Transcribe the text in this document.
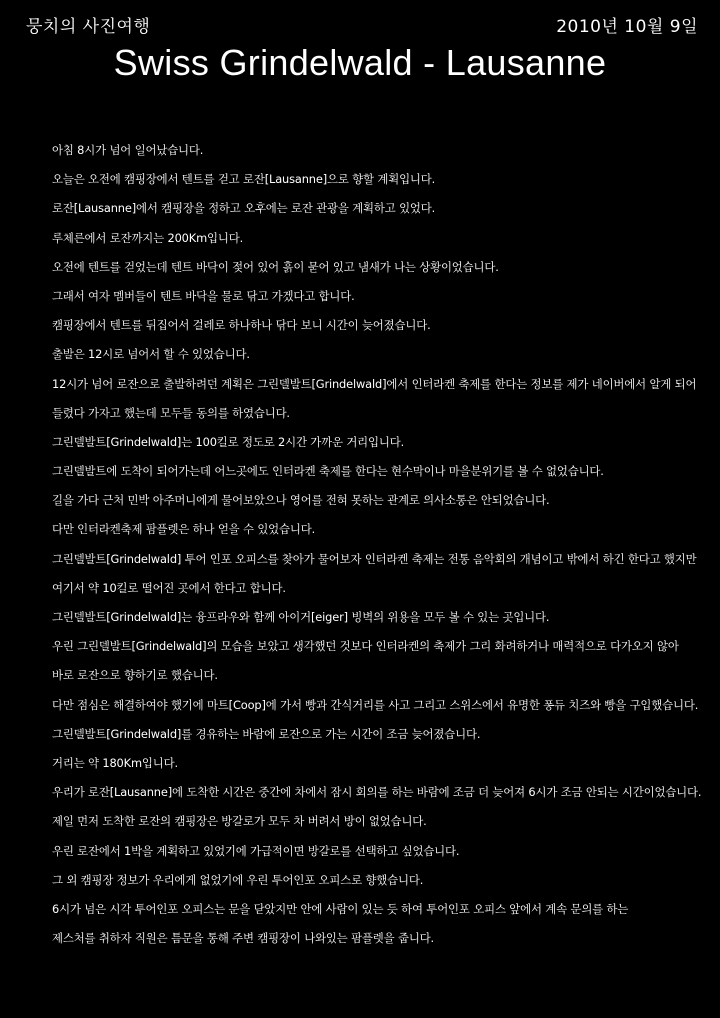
뭉치의 사진여행	2010년 10월 9일
Swiss Grindelwald - Lausanne
아침 8시가 넘어 일어났습니다.
오늘은 오전에 캠핑장에서 텐트를 걷고 로잔[Lausanne]으로 향할 계획입니다.
로잔[Lausanne]에서 캠핑장을 정하고 오후에는 로잔 관광을 계획하고 있었다.
루체른에서 로잔까지는 200Km입니다.
오전에 텐트를 걷었는데 텐트 바닥이 젖어 있어 흙이 묻어 있고 냄새가 나는 상황이었습니다.
그래서 여자 멤버들이 텐트 바닥을 물로 닦고 가겠다고 합니다.
캠핑장에서 텐트를 뒤집어서 걸레로 하나하나 닦다 보니 시간이 늦어졌습니다.
출발은 12시로 넘어서 할 수 있었습니다.
12시가 넘어 로잔으로 출발하려던 계획은 그린델발트[Grindelwald]에서 인터라켄 축제를 한다는 정보를 제가 네이버에서 알게 되어
들렸다 가자고 했는데 모두들 동의를 하였습니다.
그린델발트[Grindelwald]는 100킬로 정도로 2시간 가까운 거리입니다.
그린델발트에 도착이 되어가는데 어느곳에도 인터라켄 축제를 한다는 현수막이나 마을분위기를 볼 수 없었습니다.
길을 가다 근처 민박 아주머니에게 물어보았으나 영어를 전혀 못하는 관계로 의사소통은 안되었습니다.
다만 인터라켄축제 팜플렛은 하나 얻을 수 있었습니다.
그린델발트[Grindelwald] 투어 인포 오피스를 찾아가 물어보자 인터라켄 축제는 전통 음악회의 개념이고 밖에서 하긴 한다고 했지만
여기서 약 10킬로 떨어진 곳에서 한다고 합니다.
그린델발트[Grindelwald]는 융프라우와 함께 아이거[eiger] 빙벽의 위용을 모두 볼 수 있는 곳입니다.
우린 그린델발트[Grindelwald]의 모습을 보았고 생각했던 것보다 인터라켄의 축제가 그리 화려하거나 매력적으로 다가오지 않아
바로 로잔으로 향하기로 했습니다.
다만 점심은 해결하여야 했기에 마트[Coop]에 가서 빵과 간식거리를 사고 그리고 스위스에서 유명한 퐁듀 치즈와 빵을 구입했습니다.
그린델발트[Grindelwald]를 경유하는 바람에 로잔으로 가는 시간이 조금 늦어졌습니다.
거리는 약 180Km입니다.
우리가 로잔[Lausanne]에 도착한 시간은 중간에 차에서 잠시 회의를 하는 바람에 조금 더 늦어져 6시가 조금 안되는 시간이었습니다.
제일 먼저 도착한 로잔의 캠핑장은 방갈로가 모두 차 버려서 방이 없었습니다.
우린 로잔에서 1박을 계획하고 있었기에 가급적이면 방갈로를 선택하고 싶었습니다.
그 외 캠핑장 정보가 우리에게 없었기에 우린 투어인포 오피스로 향했습니다.
6시가 넘은 시각 투어인포 오피스는 문을 닫았지만 안에 사람이 있는 듯 하여 투어인포 오피스 앞에서 계속 문의를 하는
제스처를 취하자 직원은 틈문을 통해 주변 캠핑장이 나와있는 팜플렛을 줍니다.
